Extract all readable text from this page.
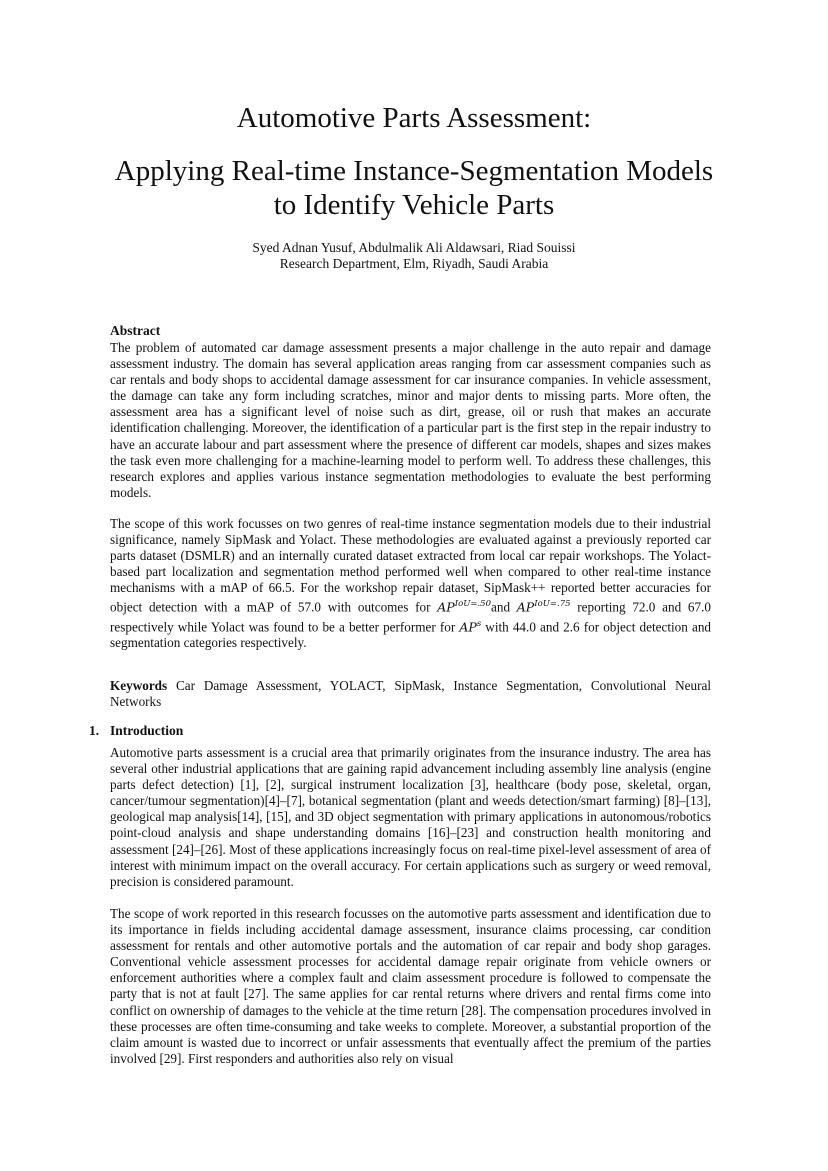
Automotive Parts Assessment:
Applying Real-time Instance-Segmentation Models to Identify Vehicle Parts
Syed Adnan Yusuf, Abdulmalik Ali Aldawsari, Riad Souissi
Research Department, Elm, Riyadh, Saudi Arabia
Abstract
The problem of automated car damage assessment presents a major challenge in the auto repair and damage assessment industry. The domain has several application areas ranging from car assessment companies such as car rentals and body shops to accidental damage assessment for car insurance companies. In vehicle assessment, the damage can take any form including scratches, minor and major dents to missing parts. More often, the assessment area has a significant level of noise such as dirt, grease, oil or rush that makes an accurate identification challenging. Moreover, the identification of a particular part is the first step in the repair industry to have an accurate labour and part assessment where the presence of different car models, shapes and sizes makes the task even more challenging for a machine-learning model to perform well. To address these challenges, this research explores and applies various instance segmentation methodologies to evaluate the best performing models.
The scope of this work focusses on two genres of real-time instance segmentation models due to their industrial significance, namely SipMask and Yolact. These methodologies are evaluated against a previously reported car parts dataset (DSMLR) and an internally curated dataset extracted from local car repair workshops. The Yolact-based part localization and segmentation method performed well when compared to other real-time instance mechanisms with a mAP of 66.5. For the workshop repair dataset, SipMask++ reported better accuracies for object detection with a mAP of 57.0 with outcomes for $AP^{IoU=.50}and$ $AP^{IoU=.75}$ reporting 72.0 and 67.0 respectively while Yolact was found to be a better performer for $AP^s$ with 44.0 and 2.6 for object detection and segmentation categories respectively.
Keywords Car Damage Assessment, YOLACT, SipMask, Instance Segmentation, Convolutional Neural Networks
1. Introduction
Automotive parts assessment is a crucial area that primarily originates from the insurance industry. The area has several other industrial applications that are gaining rapid advancement including assembly line analysis (engine parts defect detection) [1], [2], surgical instrument localization [3], healthcare (body pose, skeletal, organ, cancer/tumour segmentation)[4]–[7], botanical segmentation (plant and weeds detection/smart farming) [8]–[13], geological map analysis[14], [15], and 3D object segmentation with primary applications in autonomous/robotics point-cloud analysis and shape understanding domains [16]–[23] and construction health monitoring and assessment [24]–[26]. Most of these applications increasingly focus on real-time pixel-level assessment of area of interest with minimum impact on the overall accuracy. For certain applications such as surgery or weed removal, precision is considered paramount.
The scope of work reported in this research focusses on the automotive parts assessment and identification due to its importance in fields including accidental damage assessment, insurance claims processing, car condition assessment for rentals and other automotive portals and the automation of car repair and body shop garages. Conventional vehicle assessment processes for accidental damage repair originate from vehicle owners or enforcement authorities where a complex fault and claim assessment procedure is followed to compensate the party that is not at fault [27]. The same applies for car rental returns where drivers and rental firms come into conflict on ownership of damages to the vehicle at the time return [28]. The compensation procedures involved in these processes are often time-consuming and take weeks to complete. Moreover, a substantial proportion of the claim amount is wasted due to incorrect or unfair assessments that eventually affect the premium of the parties involved [29]. First responders and authorities also rely on visual
